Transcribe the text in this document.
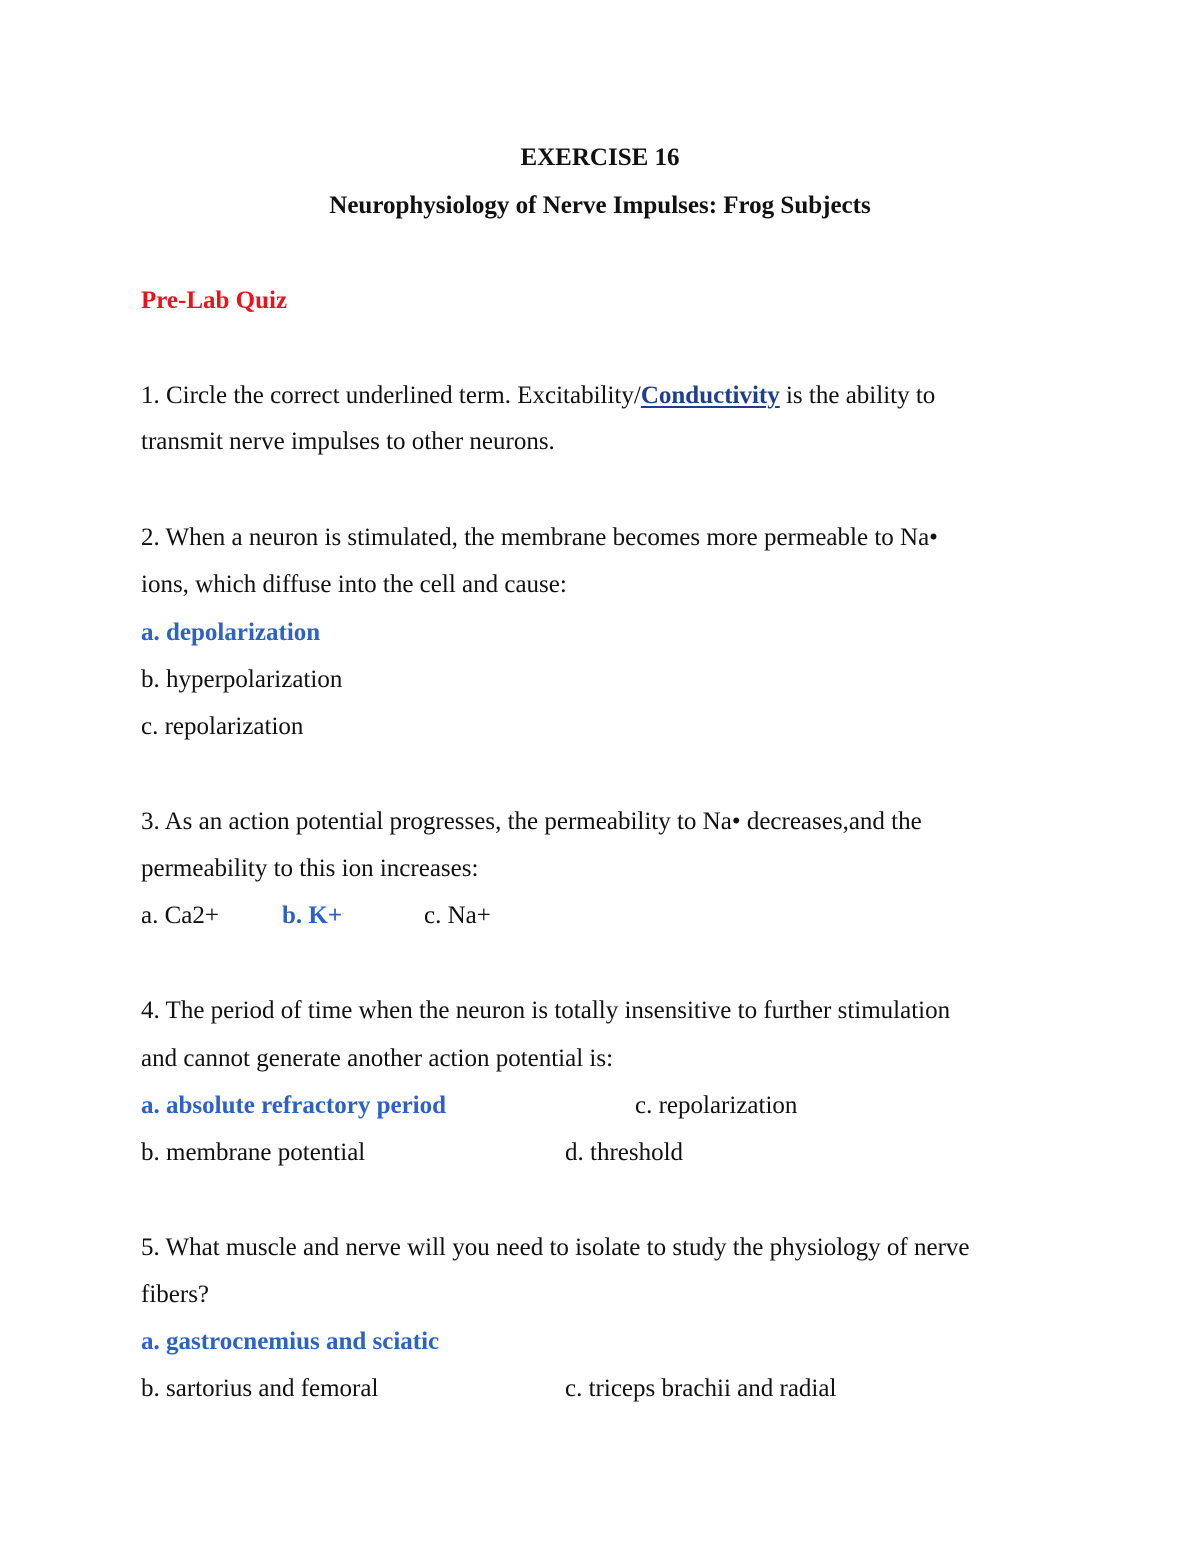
EXERCISE 16
Neurophysiology of Nerve Impulses: Frog Subjects
Pre-Lab Quiz
1. Circle the correct underlined term. Excitability/Conductivity is the ability to
transmit nerve impulses to other neurons.
2. When a neuron is stimulated, the membrane becomes more permeable to Na•
ions, which diffuse into the cell and cause:
a. depolarization
b. hyperpolarization
c. repolarization
3. As an action potential progresses, the permeability to Na• decreases,and the
permeability to this ion increases:
a. Ca2+	b. K+	c. Na+
4. The period of time when the neuron is totally insensitive to further stimulation
and cannot generate another action potential is:
a. absolute refractory period	c. repolarization
b. membrane potential	d. threshold
5. What muscle and nerve will you need to isolate to study the physiology of nerve
fibers?
a. gastrocnemius and sciatic
b. sartorius and femoral	c. triceps brachii and radial
